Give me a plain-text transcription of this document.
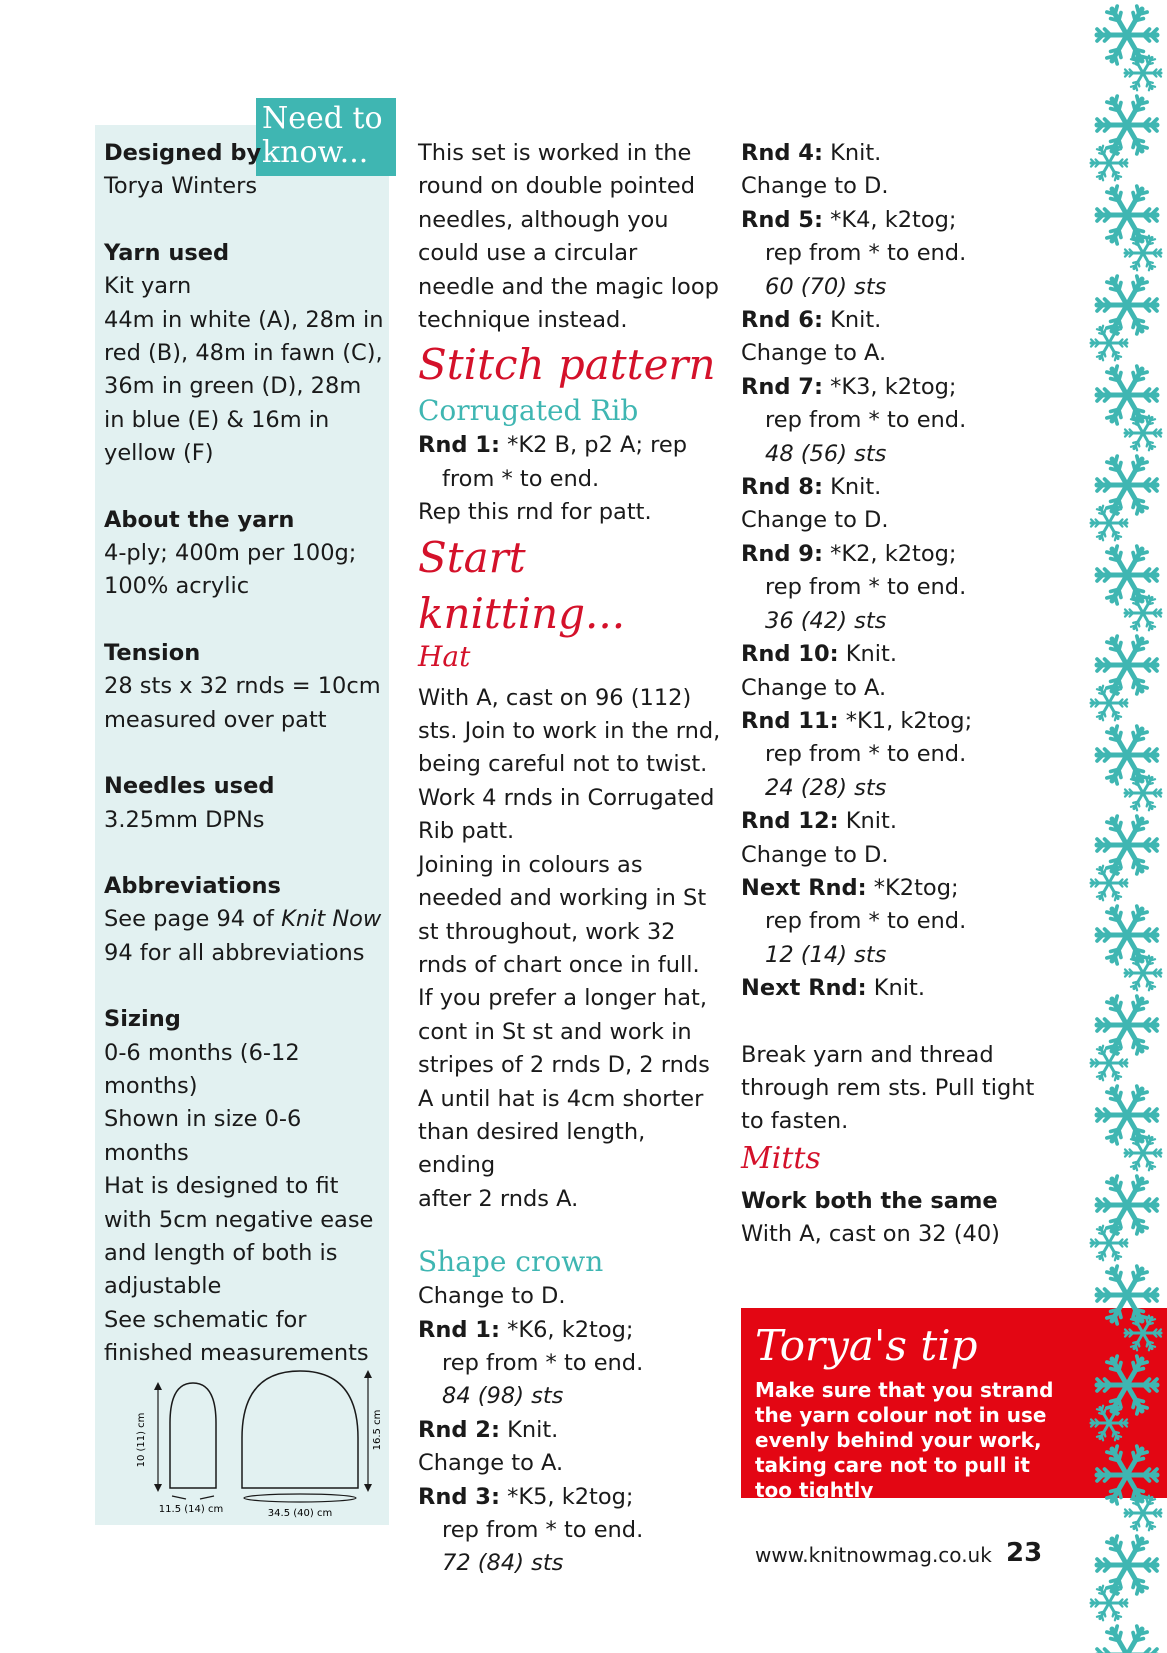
Need to
know...

Designed by

Torya Winters

Yarn used

Kit yarn

44m in white (A), 28m in

red (B), 48m in fawn (C),

36m in green (D), 28m

in blue (E) & 16m in

yellow (F)

About the yarn

4-ply; 400m per 100g;

100% acrylic

Tension

28 sts x 32 rnds = 10cm

measured over patt

Needles used

3.25mm DPNs

Abbreviations

See page 94 of Knit Now

94 for all abbreviations

Sizing

0-6 months (6-12

months)

Shown in size 0-6

months

Hat is designed to fit

with 5cm negative ease

and length of both is

adjustable

See schematic for

finished measurements

10 (11) cm
11.5 (14) cm
16.5 cm
34.5 (40) cm

This set is worked in the

round on double pointed

needles, although you

could use a circular

needle and the magic loop

technique instead.

Stitch pattern

Corrugated Rib

Rnd 1: *K2 B, p2 A; rep

from * to end.

Rep this rnd for patt.

Start knitting...

Hat

With A, cast on 96 (112)

sts. Join to work in the rnd,

being careful not to twist.

Work 4 rnds in Corrugated

Rib patt.

Joining in colours as

needed and working in St

st throughout, work 32

rnds of chart once in full.

If you prefer a longer hat,

cont in St st and work in

stripes of 2 rnds D, 2 rnds

A until hat is 4cm shorter

than desired length, ending

after 2 rnds A.

Shape crown

Change to D.

Rnd 1: *K6, k2tog;

rep from * to end.

84 (98) sts

Rnd 2: Knit.

Change to A.

Rnd 3: *K5, k2tog;

rep from * to end.

72 (84) sts

Rnd 4: Knit.

Change to D.

Rnd 5: *K4, k2tog;

rep from * to end.

60 (70) sts

Rnd 6: Knit.

Change to A.

Rnd 7: *K3, k2tog;

rep from * to end.

48 (56) sts

Rnd 8: Knit.

Change to D.

Rnd 9: *K2, k2tog;

rep from * to end.

36 (42) sts

Rnd 10: Knit.

Change to A.

Rnd 11: *K1, k2tog;

rep from * to end.

24 (28) sts

Rnd 12: Knit.

Change to D.

Next Rnd: *K2tog;

rep from * to end.

12 (14) sts

Next Rnd: Knit.

Break yarn and thread

through rem sts. Pull tight

to fasten.

Mitts

Work both the same

With A, cast on 32 (40)

Torya's tip
Make sure that you strand the yarn colour not in use evenly behind your work, taking care not to pull it too tightly
www.knitnowmag.co.uk 23
